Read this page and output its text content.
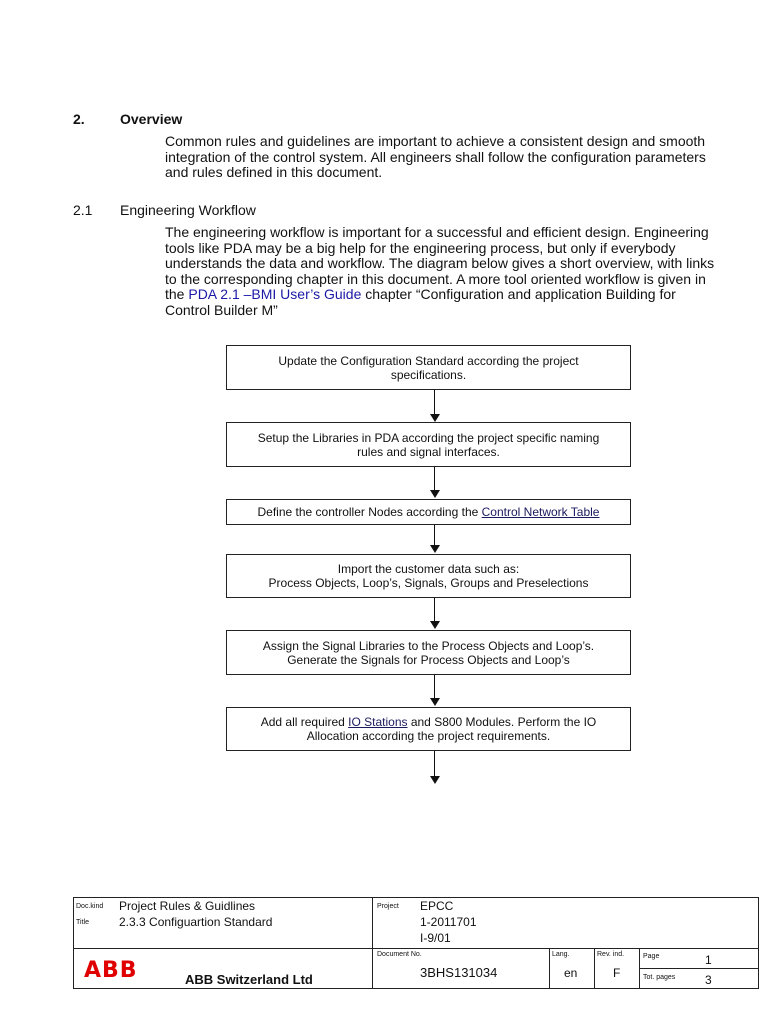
2.	Overview
Common rules and guidelines are important to achieve a consistent design and smooth
integration of the control system. All engineers shall follow the configuration parameters
and rules defined in this document.
2.1 Engineering Workflow
The engineering workflow is important for a successful and efficient design. Engineering
tools like PDA may be a big help for the engineering process, but only if everybody
understands the data and workflow. The diagram below gives a short overview, with links
to the corresponding chapter in this document. A more tool oriented workflow is given in
the PDA 2.1 –BMI User’s Guide chapter “Configuration and application Building for
Control Builder M”
Update the Configuration Standard according the project
specifications.
Setup the Libraries in PDA according the project specific naming
rules and signal interfaces.
Define the controller Nodes according the Control Network Table
Import the customer data such as:
Process Objects, Loop’s, Signals, Groups and Preselections
Assign the Signal Libraries to the Process Objects and Loop’s.
Generate the Signals for Process Objects and Loop’s
Add all required IO Stations and S800 Modules. Perform the IO
Allocation according the project requirements.
Doc.kind Project Rules & Guidlines
Title	2.3.3 Configuartion Standard
Project EPCC
1-2011701
I-9/01
ABB	ABB Switzerland Ltd
Document No.
3BHS131034
Lang.
en
Rev. ind.
F
Page	1
Tot. pages 3
